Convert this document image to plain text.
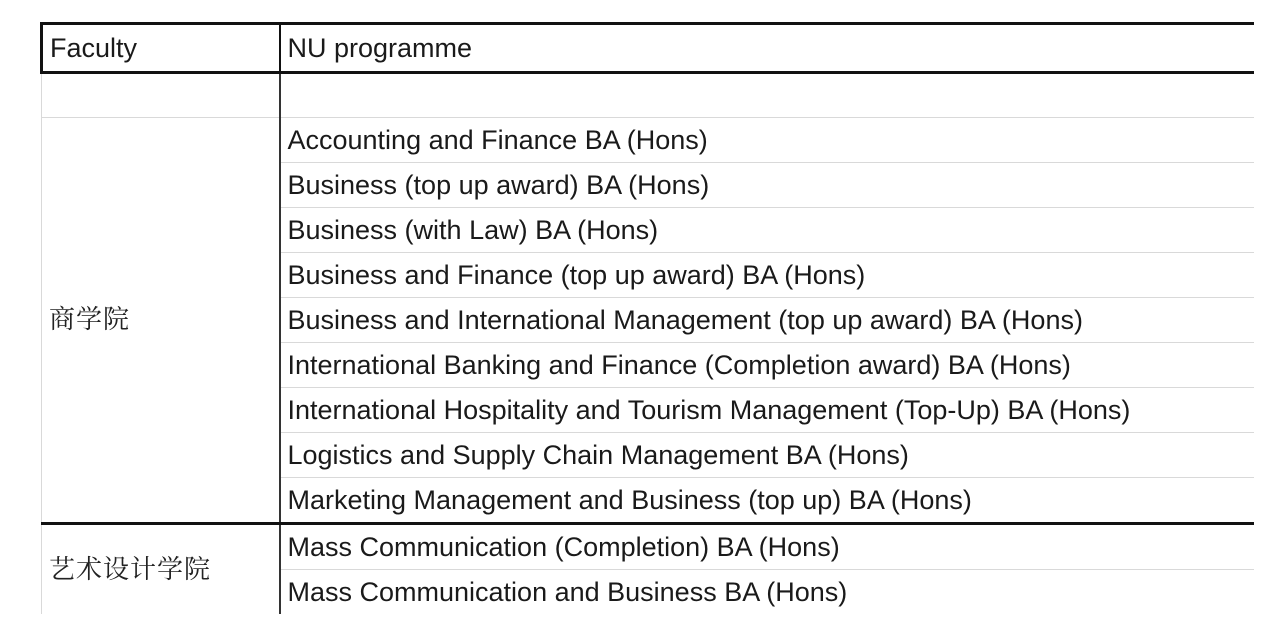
Faculty	NU programme

商学院	Accounting and Finance BA (Hons)
	Business (top up award) BA (Hons)
	Business (with Law) BA (Hons)
	Business and Finance (top up award) BA (Hons)
	Business and International Management (top up award) BA (Hons)
	International Banking and Finance (Completion award) BA (Hons)
	International Hospitality and Tourism Management (Top-Up) BA (Hons)
	Logistics and Supply Chain Management BA (Hons)
	Marketing Management and Business (top up) BA (Hons)
艺术设计学院	Mass Communication (Completion) BA (Hons)
	Mass Communication and Business BA (Hons)
